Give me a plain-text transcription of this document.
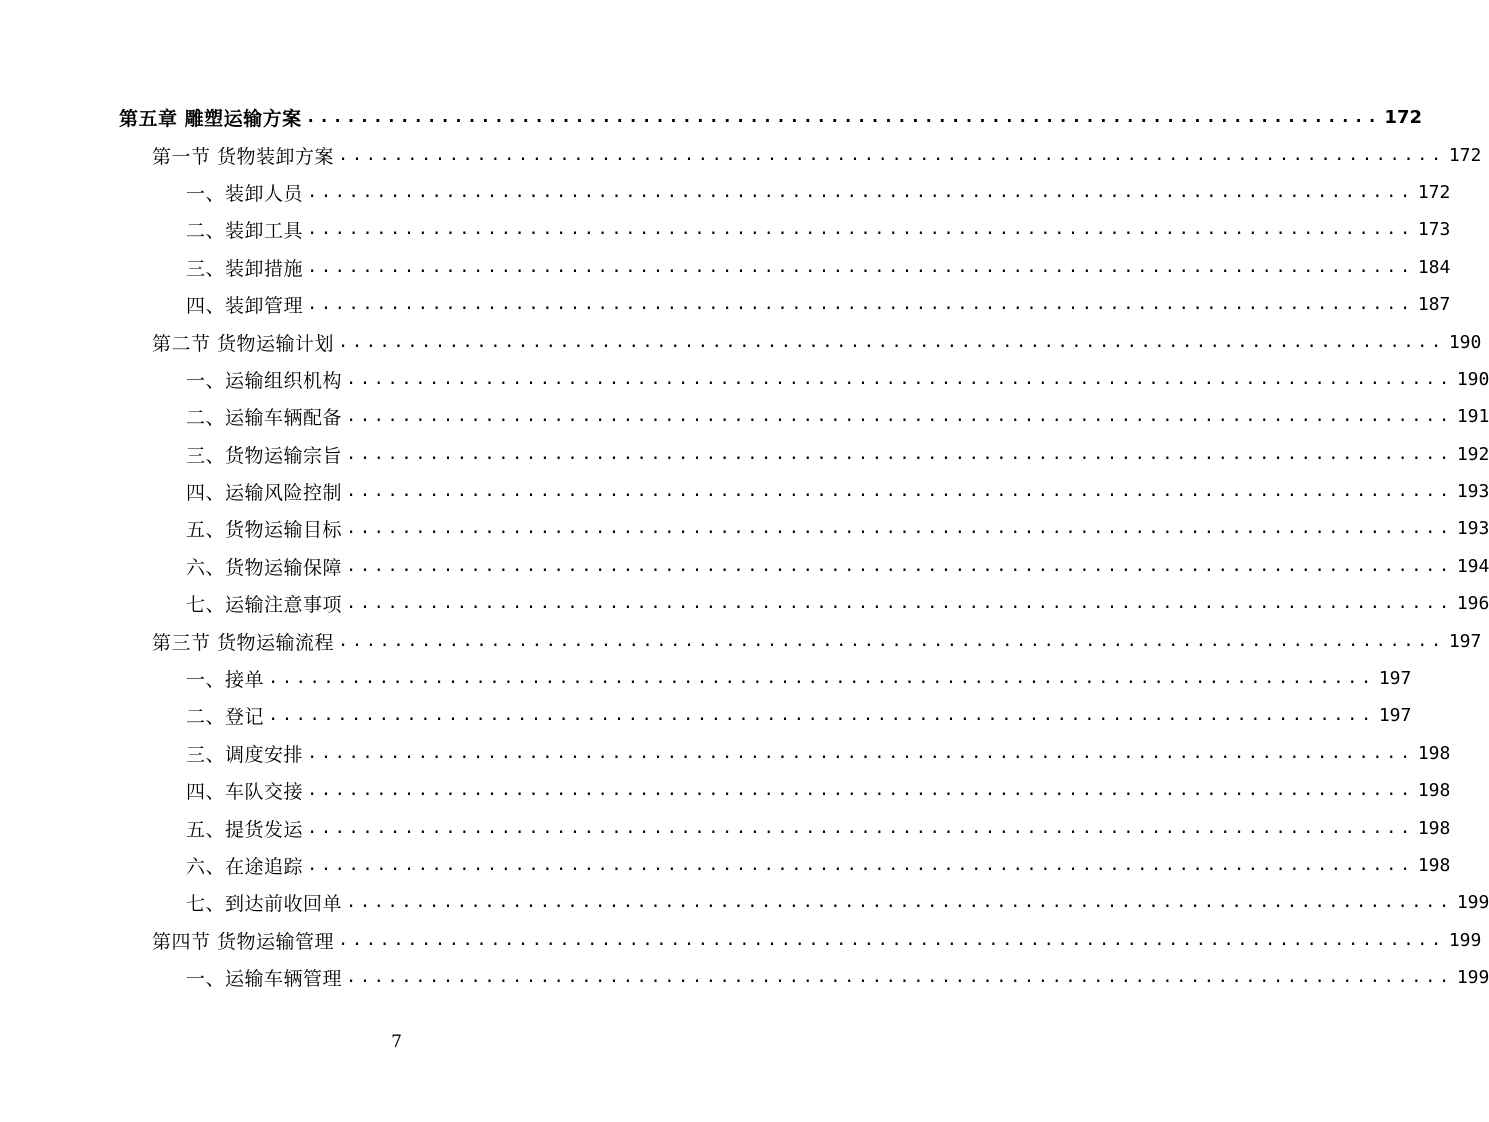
第五章 雕塑运输方案 ................................................................................ 172
第一节 货物装卸方案 ................................................................................ 172
一、装卸人员 ................................................................................ 172
二、装卸工具 ................................................................................ 173
三、装卸措施 ................................................................................ 184
四、装卸管理 ................................................................................ 187
第二节 货物运输计划 ................................................................................ 190
一、运输组织机构 ................................................................................ 190
二、运输车辆配备 ................................................................................ 191
三、货物运输宗旨 ................................................................................ 192
四、运输风险控制 ................................................................................ 193
五、货物运输目标 ................................................................................ 193
六、货物运输保障 ................................................................................ 194
七、运输注意事项 ................................................................................ 196
第三节 货物运输流程 ................................................................................ 197
一、接单 ................................................................................ 197
二、登记 ................................................................................ 197
三、调度安排 ................................................................................ 198
四、车队交接 ................................................................................ 198
五、提货发运 ................................................................................ 198
六、在途追踪 ................................................................................ 198
七、到达前收回单 ................................................................................ 199
第四节 货物运输管理 ................................................................................ 199
一、运输车辆管理 ................................................................................ 199
7
